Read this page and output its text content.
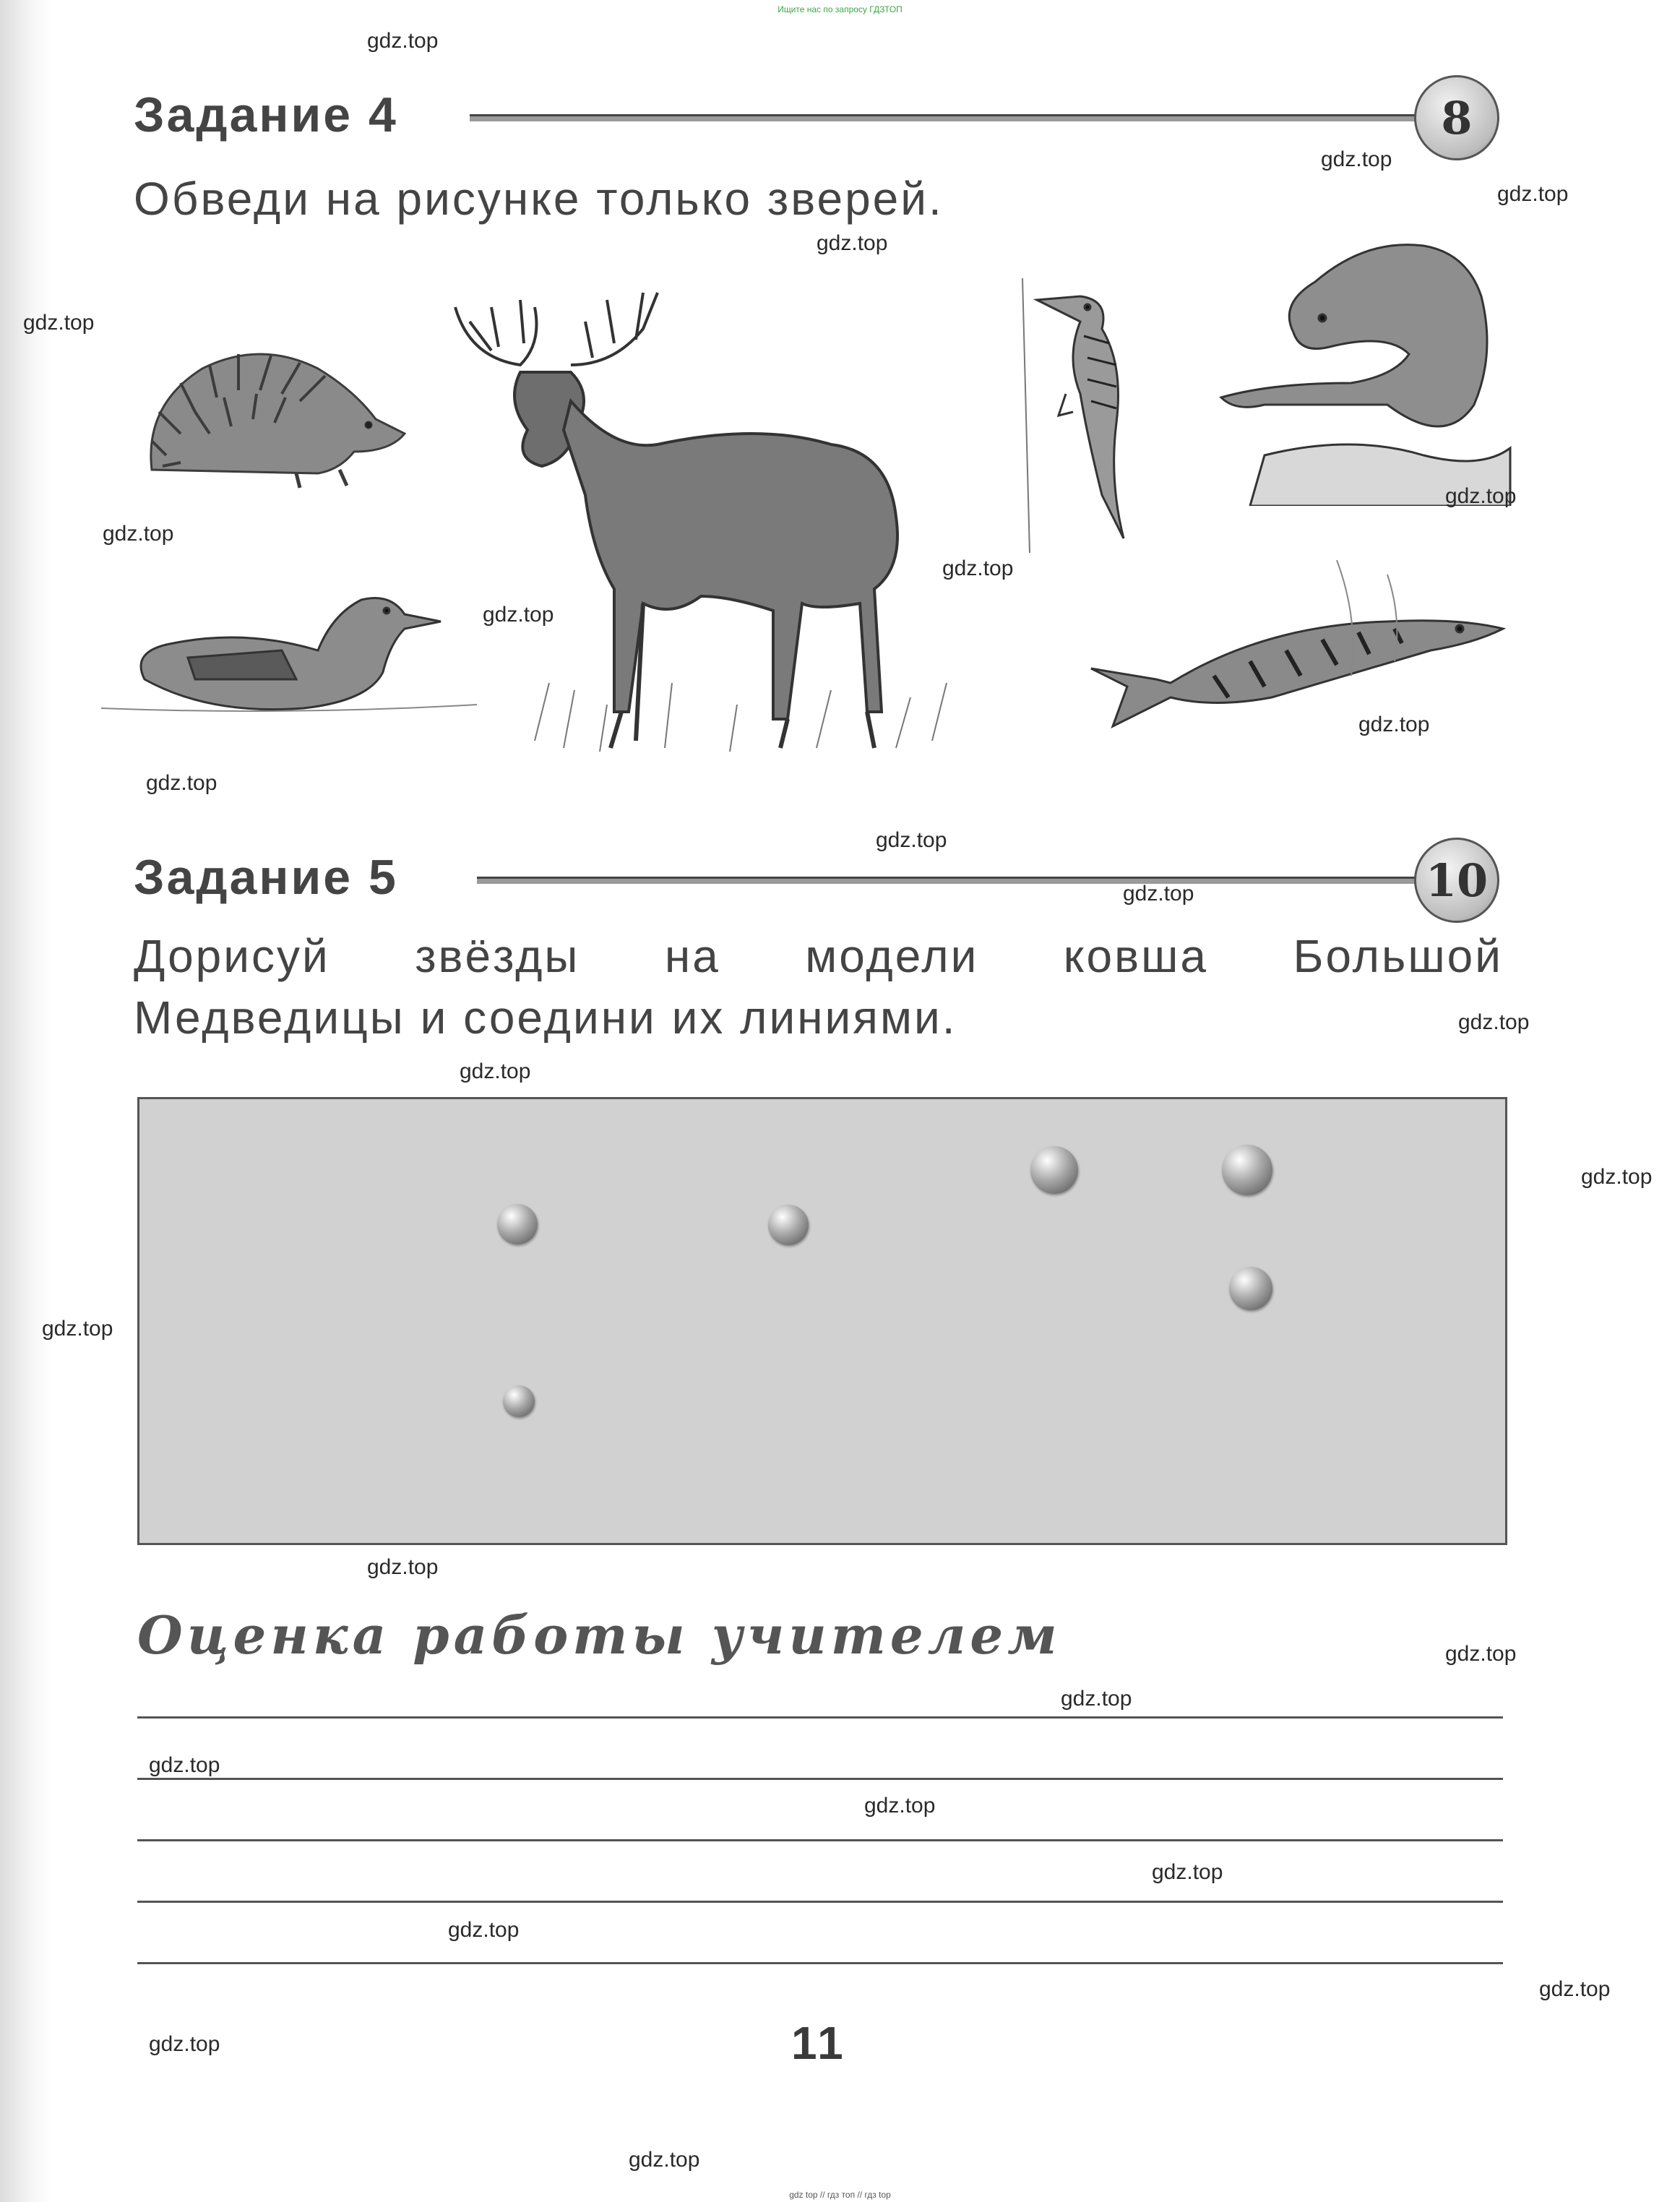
Ищите нас по запросу ГДЗТОП
Задание 4	8
Обведи на рисунке только зверей.
Задание 5	10
Дорисуй звёзды на модели ковша Большой
Медведицы и соедини их линиями.
Оценка работы учителем
11
gdz.top
gdz.top
gdz.top
gdz.top
gdz.top
gdz.top
gdz.top
gdz.top
gdz.top
gdz.top
gdz.top
gdz.top
gdz.top
gdz.top
gdz.top
gdz.top
gdz.top
gdz.top
gdz.top
gdz.top
gdz.top
gdz.top
gdz.top
gdz.top
gdz.top
gdz.top
gdz.top
gdz top // гдз топ // гдз top
